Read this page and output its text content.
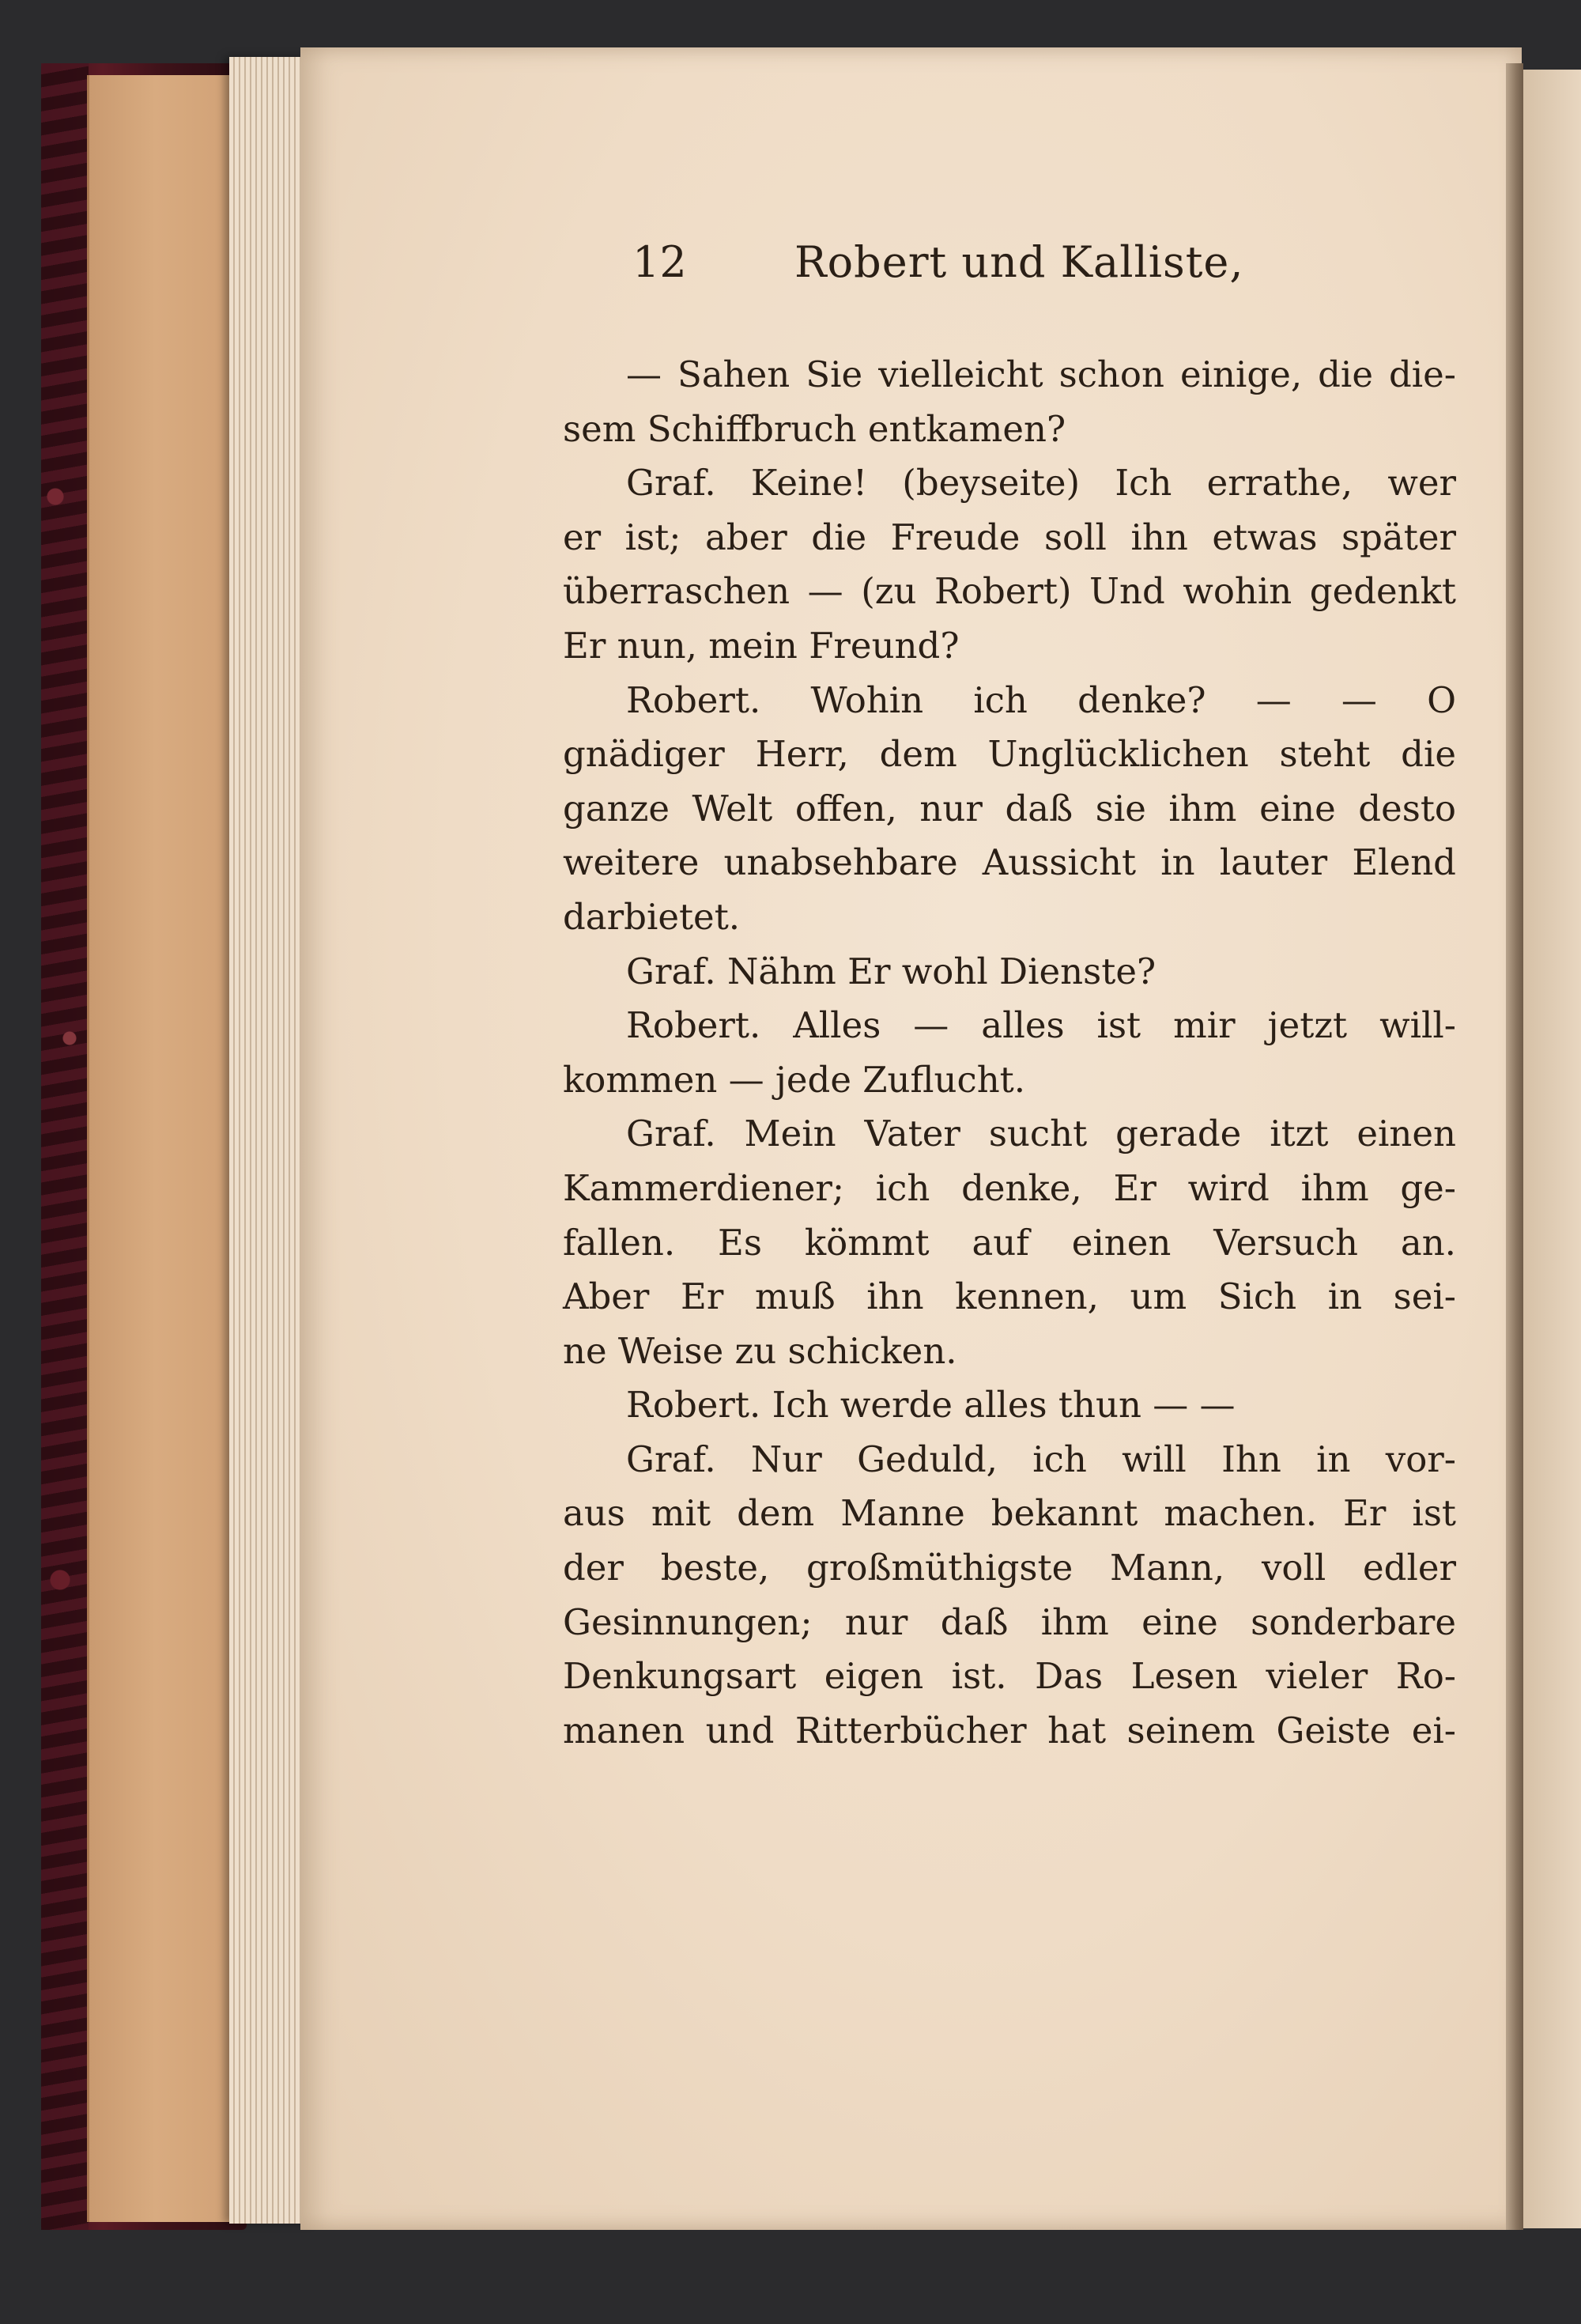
12	Robert und Kalliste,
— Sahen Sie vielleicht schon einige, die die-
sem Schiffbruch entkamen?
Graf. Keine! (beyseite) Ich errathe, wer
er ist; aber die Freude soll ihn etwas später
überraschen — (zu Robert) Und wohin gedenkt
Er nun, mein Freund?
Robert. Wohin ich denke? — — O
gnädiger Herr, dem Unglücklichen steht die
ganze Welt offen, nur daß sie ihm eine desto
weitere unabsehbare Aussicht in lauter Elend
darbietet.
Graf. Nähm Er wohl Dienste?
Robert. Alles — alles ist mir jetzt will-
kommen — jede Zuflucht.
Graf. Mein Vater sucht gerade itzt einen
Kammerdiener; ich denke, Er wird ihm ge-
fallen. Es kömmt auf einen Versuch an.
Aber Er muß ihn kennen, um Sich in sei-
ne Weise zu schicken.
Robert. Ich werde alles thun — —
Graf. Nur Geduld, ich will Ihn in vor-
aus mit dem Manne bekannt machen. Er ist
der beste, großmüthigste Mann, voll edler
Gesinnungen; nur daß ihm eine sonderbare
Denkungsart eigen ist. Das Lesen vieler Ro-
manen und Ritterbücher hat seinem Geiste ei-
